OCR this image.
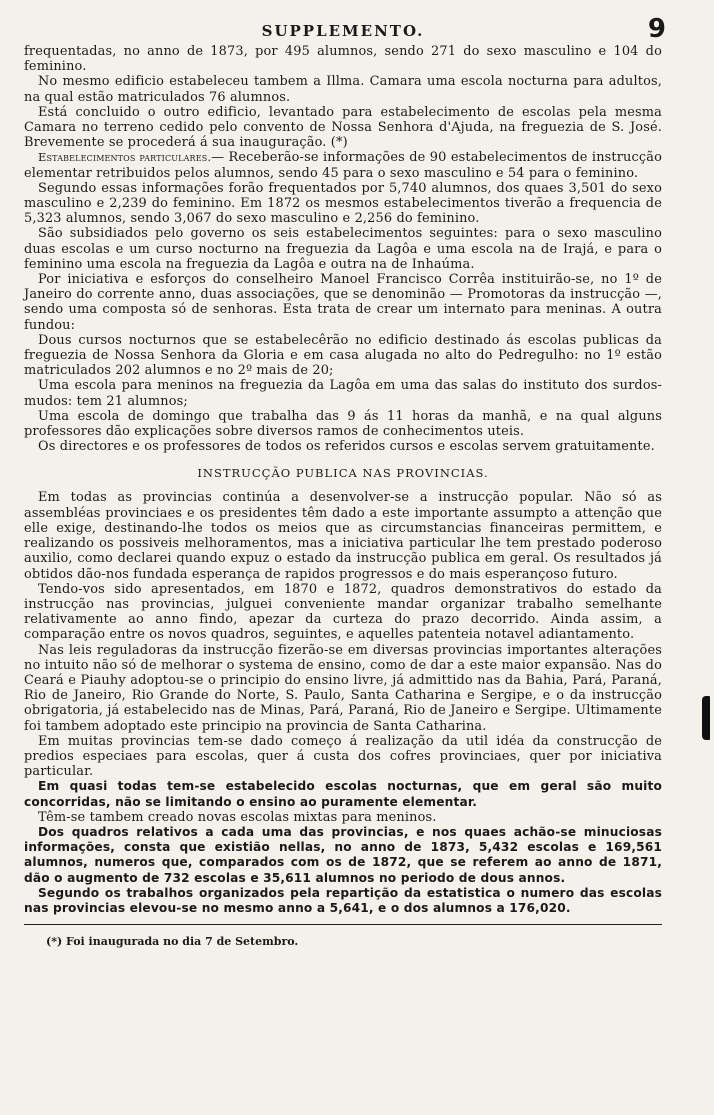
SUPPLEMENTO.	9

frequentadas, no anno de 1873, por 495 alumnos, sendo 271 do sexo masculino e 104 do feminino.

No mesmo edificio estabeleceu tambem a Illma. Camara uma escola nocturna para adultos, na qual estão matriculados 76 alumnos.

Está concluido o outro edificio, levantado para estabelecimento de escolas pela mesma Camara no terreno cedido pelo convento de Nossa Senhora d'Ajuda, na freguezia de S. José. Brevemente se procederá á sua inauguração. (*)

Estabelecimentos particulares.— Receberão-se informações de 90 estabelecimentos de instrucção elementar retribuidos pelos alumnos, sendo 45 para o sexo masculino e 54 para o feminino.

Segundo essas informações forão frequentados por 5,740 alumnos, dos quaes 3,501 do sexo masculino e 2,239 do feminino. Em 1872 os mesmos estabelecimentos tiverão a frequencia de 5,323 alumnos, sendo 3,067 do sexo masculino e 2,256 do feminino.

São subsidiados pelo governo os seis estabelecimentos seguintes: para o sexo masculino duas escolas e um curso nocturno na freguezia da Lagôa e uma escola na de Irajá, e para o feminino uma escola na freguezia da Lagôa e outra na de Inhaúma.

Por iniciativa e esforços do conselheiro Manoel Francisco Corrêa instituirão-se, no 1º de Janeiro do corrente anno, duas associações, que se denominão — Promotoras da instrucção —, sendo uma composta só de senhoras. Esta trata de crear um internato para meninas. A outra fundou:

Dous cursos nocturnos que se estabelecêrão no edificio destinado ás escolas publicas da freguezia de Nossa Senhora da Gloria e em casa alugada no alto do Pedregulho: no 1º estão matriculados 202 alumnos e no 2º mais de 20;

Uma escola para meninos na freguezia da Lagôa em uma das salas do instituto dos surdos-mudos: tem 21 alumnos;

Uma escola de domingo que trabalha das 9 ás 11 horas da manhã, e na qual alguns professores dão explicações sobre diversos ramos de conhecimentos uteis.

Os directores e os professores de todos os referidos cursos e escolas servem gratuitamente.

INSTRUCÇÃO PUBLICA NAS PROVINCIAS.

Em todas as provincias continúa a desenvolver-se a instrucção popular. Não só as assembléas provinciaes e os presidentes têm dado a este importante assumpto a attenção que elle exige, destinando-lhe todos os meios que as circumstancias financeiras permittem, e realizando os possiveis melhoramentos, mas a iniciativa particular lhe tem prestado poderoso auxilio, como declarei quando expuz o estado da instrucção publica em geral. Os resultados já obtidos dão-nos fundada esperança de rapidos progressos e do mais esperançoso futuro.

Tendo-vos sido apresentados, em 1870 e 1872, quadros demonstrativos do estado da instrucção nas provincias, julguei conveniente mandar organizar trabalho semelhante relativamente ao anno findo, apezar da curteza do prazo decorrido. Ainda assim, a comparação entre os novos quadros, seguintes, e aquelles patenteia notavel adiantamento.

Nas leis reguladoras da instrucção fizerão-se em diversas provincias importantes alterações no intuito não só de melhorar o systema de ensino, como de dar a este maior expansão. Nas do Ceará e Piauhy adoptou-se o principio do ensino livre, já admittido nas da Bahia, Pará, Paraná, Rio de Janeiro, Rio Grande do Norte, S. Paulo, Santa Catharina e Sergipe, e o da instrucção obrigatoria, já estabelecido nas de Minas, Pará, Paraná, Rio de Janeiro e Sergipe. Ultimamente foi tambem adoptado este principio na provincia de Santa Catharina.

Em muitas provincias tem-se dado começo á realização da util idéa da construcção de predios especiaes para escolas, quer á custa dos cofres provinciaes, quer por iniciativa particular.

Em quasi todas tem-se estabelecido escolas nocturnas, que em geral são muito concorridas, não se limitando o ensino ao puramente elementar.

Têm-se tambem creado novas escolas mixtas para meninos.

Dos quadros relativos a cada uma das provincias, e nos quaes achão-se minuciosas informações, consta que existião nellas, no anno de 1873, 5,432 escolas e 169,561 alumnos, numeros que, comparados com os de 1872, que se referem ao anno de 1871, dão o augmento de 732 escolas e 35,611 alumnos no periodo de dous annos.

Segundo os trabalhos organizados pela repartição da estatistica o numero das escolas nas provincias elevou-se no mesmo anno a 5,641, e o dos alumnos a 176,020.

(*) Foi inaugurada no dia 7 de Setembro.
